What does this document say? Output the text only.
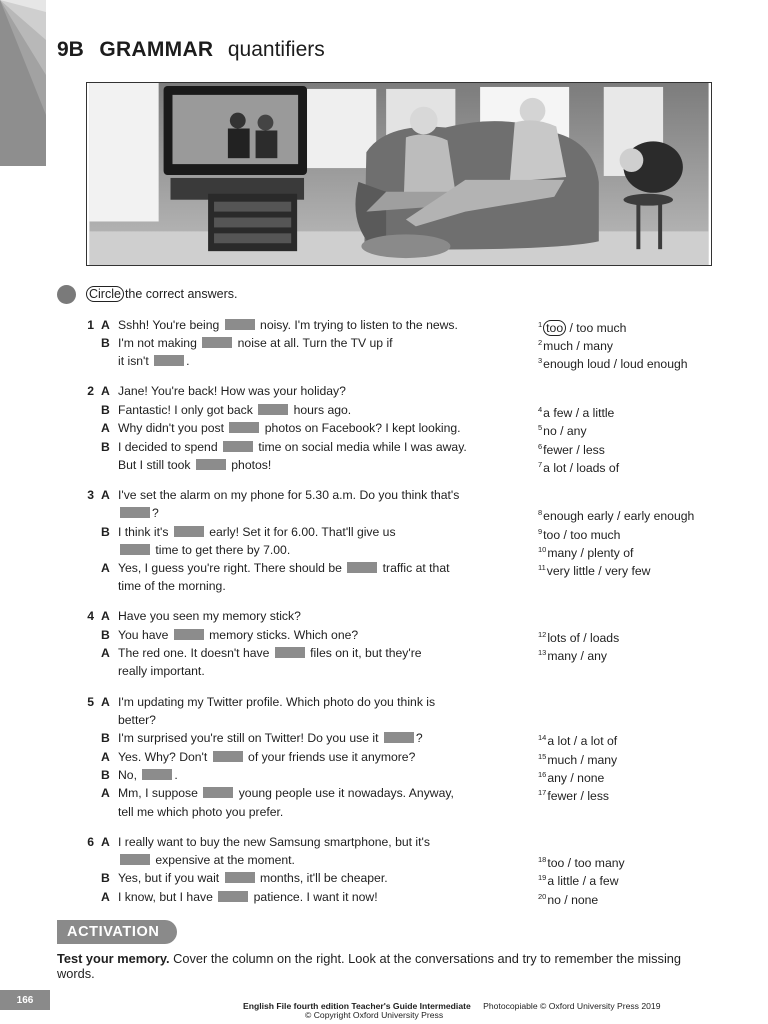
9B GRAMMAR quantifiers
Circle the correct answers.
1 A Sshh! You're being	noisy. I'm trying to listen to the news.
B I'm not making	noise at all. Turn the TV up if
it isn't	.
2 A Jane! You're back! How was your holiday?
B Fantastic! I only got back	hours ago.
A Why didn't you post	photos on Facebook? I kept looking.
B I decided to spend	time on social media while I was away.
But I still took	photos!
3 A I've set the alarm on my phone for 5.30 a.m. Do you think that's
?
B I think it's	early! Set it for 6.00. That'll give us
time to get there by 7.00.
A Yes, I guess you're right. There should be	traffic at that
time of the morning.
4 A Have you seen my memory stick?
B You have	memory sticks. Which one?
A The red one. It doesn't have	files on it, but they're
really important.
5 A I'm updating my Twitter profile. Which photo do you think is
better?
B I'm surprised you're still on Twitter! Do you use it	?
A Yes. Why? Don't	of your friends use it anymore?
B No,	.
A Mm, I suppose	young people use it nowadays. Anyway,
tell me which photo you prefer.
6 A I really want to buy the new Samsung smartphone, but it's
expensive at the moment.
B Yes, but if you wait	months, it'll be cheaper.
A I know, but I have	patience. I want it now!
$^1$ too / too much
$^2$much / many
$^3$enough loud / loud enough
$^4$a few / a little
$^5$no / any
$^6$fewer / less
$^7$a lot / loads of
$^8$enough early / early enough
$^9$too / too much
$^{10}$many / plenty of
$^{11}$very little / very few
$^{12}$lots of / loads
$^{13}$many / any
$^{14}$a lot / a lot of
$^{15}$much / many
$^{16}$any / none
$^{17}$fewer / less
$^{18}$too / too many
$^{19}$a little / a few
$^{20}$no / none
ACTIVATION
Test your memory. Cover the column on the right. Look at the conversations and try to remember the missing words.
166
English File fourth edition Teacher's Guide Intermediate Photocopiable © Oxford University Press 2019
© Copyright Oxford University Press
